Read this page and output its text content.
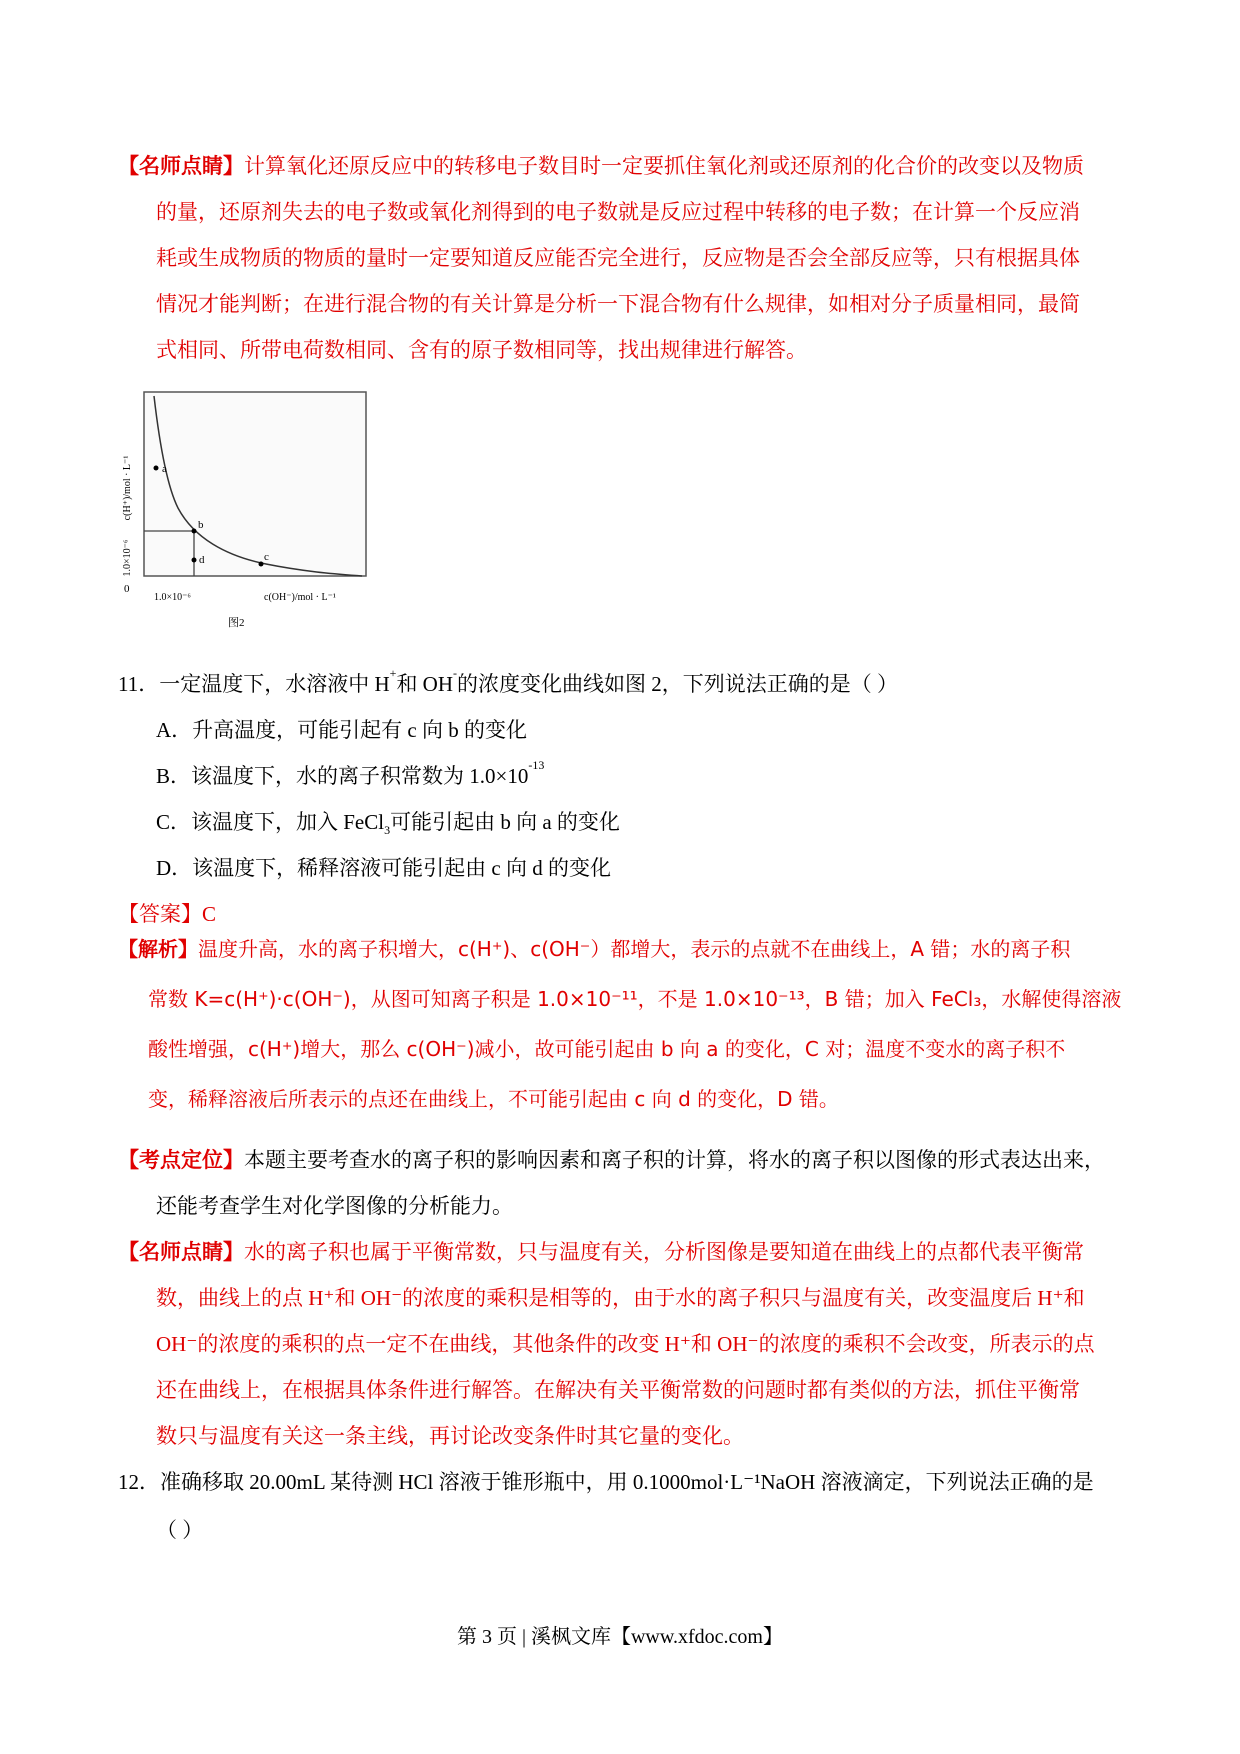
【名师点睛】计算氧化还原反应中的转移电子数目时一定要抓住氧化剂或还原剂的化合价的改变以及物质
的量，还原剂失去的电子数或氧化剂得到的电子数就是反应过程中转移的电子数；在计算一个反应消
耗或生成物质的物质的量时一定要知道反应能否完全进行，反应物是否会全部反应等，只有根据具体
情况才能判断；在进行混合物的有关计算是分析一下混合物有什么规律，如相对分子质量相同，最简
式相同、所带电荷数相同、含有的原子数相同等，找出规律进行解答。
a
b
c
d
c(H⁺)/mol · L⁻¹
1.0×10⁻⁶
0
1.0×10⁻⁶	c(OH⁻)/mol · L⁻¹
图2
11．一定温度下，水溶液中 H+和 OH-的浓度变化曲线如图 2，下列说法正确的是（ ）
A．升高温度，可能引起有 c 向 b 的变化
B．该温度下，水的离子积常数为 $1.0\times 10^{-13}$
C．该温度下，加入 FeCl$_3$可能引起由 b 向 a 的变化
D．该温度下，稀释溶液可能引起由 c 向 d 的变化
【答案】C
【解析】温度升高，水的离子积增大，c(H⁺)、c(OH⁻）都增大，表示的点就不在曲线上，A 错；水的离子积
常数 K=c(H⁺)·c(OH⁻)，从图可知离子积是 1.0×10⁻¹¹，不是 1.0×10⁻¹³，B 错；加入 FeCl₃，水解使得溶液
酸性增强，c(H⁺)增大，那么 c(OH⁻)减小，故可能引起由 b 向 a 的变化，C 对；温度不变水的离子积不
变，稀释溶液后所表示的点还在曲线上，不可能引起由 c 向 d 的变化，D 错。
【考点定位】本题主要考查水的离子积的影响因素和离子积的计算，将水的离子积以图像的形式表达出来，
还能考查学生对化学图像的分析能力。
【名师点睛】水的离子积也属于平衡常数，只与温度有关，分析图像是要知道在曲线上的点都代表平衡常
数，曲线上的点 H⁺和 OH⁻的浓度的乘积是相等的，由于水的离子积只与温度有关，改变温度后 H⁺和
OH⁻的浓度的乘积的点一定不在曲线，其他条件的改变 H⁺和 OH⁻的浓度的乘积不会改变，所表示的点
还在曲线上，在根据具体条件进行解答。在解决有关平衡常数的问题时都有类似的方法，抓住平衡常
数只与温度有关这一条主线，再讨论改变条件时其它量的变化。
12．准确移取 20.00mL 某待测 HCl 溶液于锥形瓶中，用 0.1000mol·L⁻¹NaOH 溶液滴定，下列说法正确的是
（ ）
第 3 页 | 溪枫文库【www.xfdoc.com】
